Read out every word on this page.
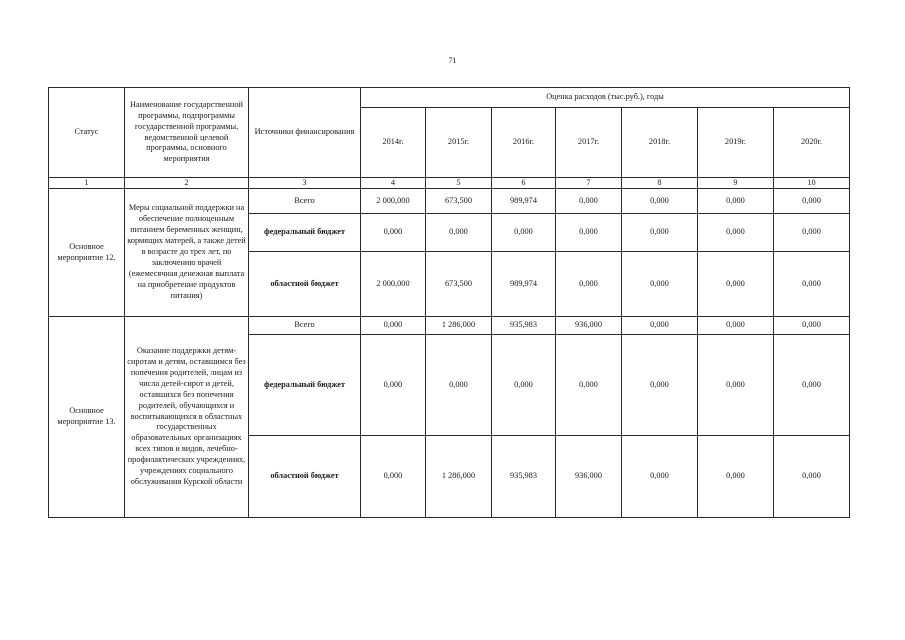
71
Статус	Наименование государственной программы, подпрограммы государственной программы, ведомственной целевой программы, основного мероприятия	Источники финансирования	Оценка расходов (тыс.руб.), годы						
			2014г.	2015г.	2016г.	2017г.	2018г.	2019г.	2020г.
1	2	3	4	5	6	7	8	9	10
Основное мероприятие 12.	Меры социальной поддержки на обеспечение полноценным питанием беременных женщин, кормящих матерей, а также детей в возрасте до трех лет, по заключению врачей (ежемесячная денежная выплата на приобретение продуктов питания)	Всего	2 000,000	673,500	989,974	0,000	0,000	0,000	0,000
		федеральный бюджет	0,000	0,000	0,000	0,000	0,000	0,000	0,000
		областной бюджет	2 000,000	673,500	989,974	0,000	0,000	0,000	0,000
Основное мероприятие 13.	Оказание поддержки детям-сиротам и детям, оставшимся без попечения родителей, лицам из числа детей-сирот и детей, оставшихся без попечения родителей, обучающихся и воспитывающихся в областных государственных образовательных организациях всех типов и видов, лечебно-профилактических учреждениях, учреждениях социального обслуживания Курской области	Всего	0,000	1 286,000	935,983	936,000	0,000	0,000	0,000
		федеральный бюджет	0,000	0,000	0,000	0,000	0,000	0,000	0,000
		областной бюджет	0,000	1 286,000	935,983	936,000	0,000	0,000	0,000
